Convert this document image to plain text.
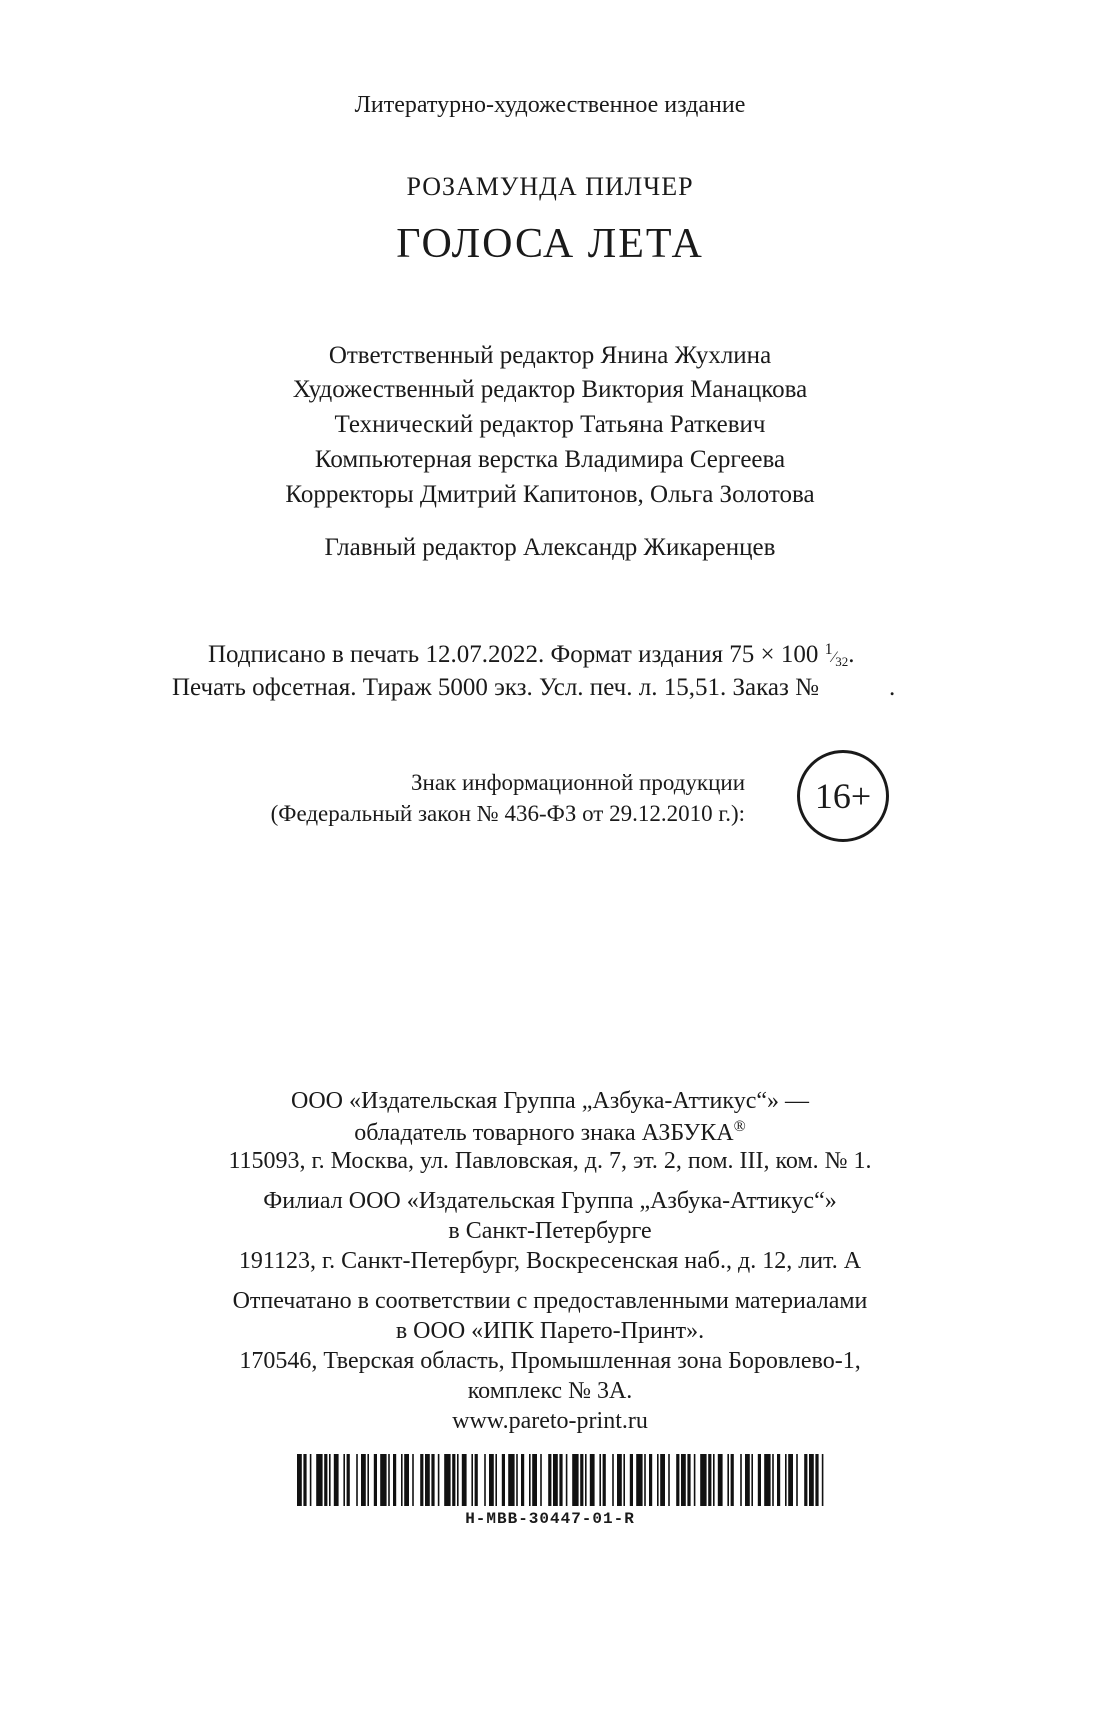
Литературно-художественное издание
РОЗАМУНДА ПИЛЧЕР
ГОЛОСА ЛЕТА
Ответственный редактор Янина Жухлина
Художественный редактор Виктория Манацкова
Технический редактор Татьяна Раткевич
Компьютерная верстка Владимира Сергеева
Корректоры Дмитрий Капитонов, Ольга Золотова
Главный редактор Александр Жикаренцев
Подписано в печать 12.07.2022. Формат издания 75 × 100 $^1⁄_{32}$.
Печать офсетная. Тираж 5000 экз. Усл. печ. л. 15,51. Заказ №	.
Знак информационной продукции
(Федеральный закон № 436-ФЗ от 29.12.2010 г.): 16+
ООО «Издательская Группа „Азбука-Аттикус“» —
обладатель товарного знака АЗБУКА®
115093, г. Москва, ул. Павловская, д. 7, эт. 2, пом. III, ком. № 1.
Филиал ООО «Издательская Группа „Азбука-Аттикус“»
в Санкт-Петербурге
191123, г. Санкт-Петербург, Воскресенская наб., д. 12, лит. А
Отпечатано в соответствии с предоставленными материалами
в ООО «ИПК Парето-Принт».
170546, Тверская область, Промышленная зона Боровлево-1,
комплекс № 3А.
www.pareto-print.ru
H-MBB-30447-01-R
